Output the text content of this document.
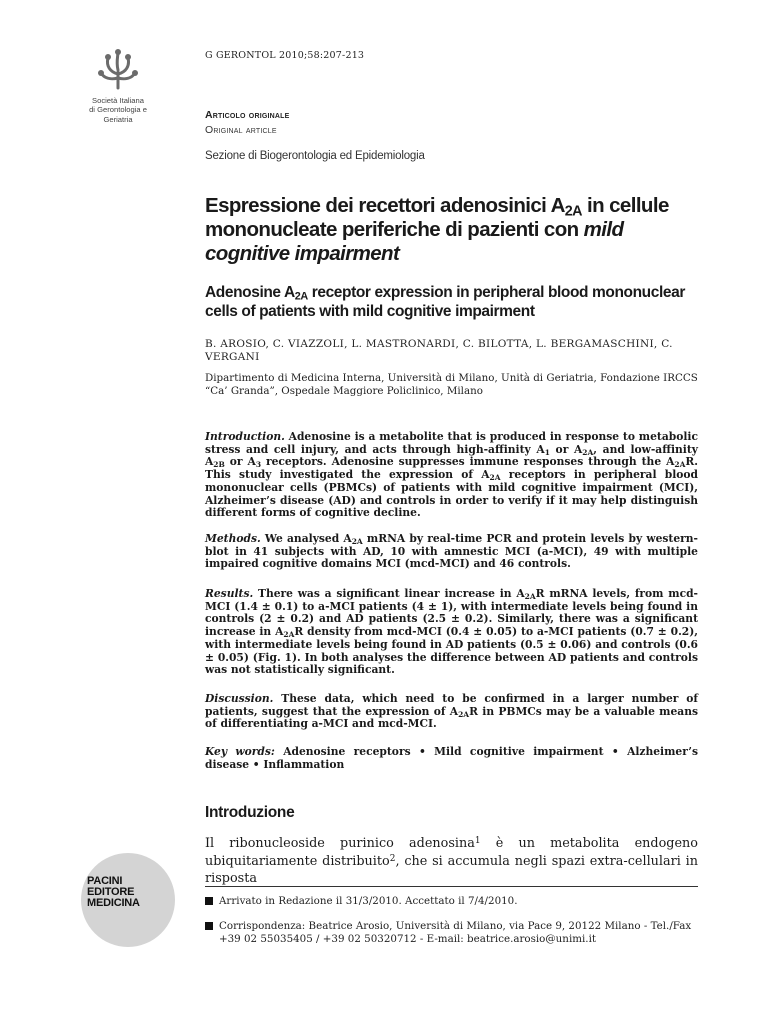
Società Italiana
di Gerontologia e
Geriatria
PACINI
EDITORE
MEDICINA
G GERONTOL 2010;58:207-213
Articolo originale
Original article
Sezione di Biogerontologia ed Epidemiologia
Espressione dei recettori adenosinici $A_{2A}$ in cellule mononucleate periferiche di pazienti con mild cognitive impairment
Adenosine $A_{2A}$ receptor expression in peripheral blood mononuclear cells of patients with mild cognitive impairment
B. AROSIO, C. VIAZZOLI, L. MASTRONARDI, C. BILOTTA, L. BERGAMASCHINI, C. VERGANI
Dipartimento di Medicina Interna, Università di Milano, Unità di Geriatria, Fondazione IRCCS “Ca’ Granda”, Ospedale Maggiore Policlinico, Milano
Introduction. Adenosine is a metabolite that is produced in response to metabolic stress and cell injury, and acts through high-affinity $A_1$ or $A_{2A}$, and low-affinity $A_{2B}$ or $A_3$ receptors. Adenosine suppresses immune responses through the $A_{2A}R$. This study investigated the expression of $A_{2A}$ receptors in peripheral blood mononuclear cells (PBMCs) of patients with mild cognitive impairment (MCI), Alzheimer’s disease (AD) and controls in order to verify if it may help distinguish different forms of cognitive decline.
Methods. We analysed $A_{2A}$ mRNA by real-time PCR and protein levels by western-blot in 41 subjects with AD, 10 with amnestic MCI (a-MCI), 49 with multiple impaired cognitive domains MCI (mcd-MCI) and 46 controls.
Results. There was a significant linear increase in $A_{2A}R$ mRNA levels, from mcd-MCI (1.4 ± 0.1) to a-MCI patients (4 ± 1), with intermediate levels being found in controls (2 ± 0.2) and AD patients (2.5 ± 0.2). Similarly, there was a significant increase in $A_{2A}R$ density from mcd-MCI (0.4 ± 0.05) to a-MCI patients (0.7 ± 0.2), with intermediate levels being found in AD patients (0.5 ± 0.06) and controls (0.6 ± 0.05) (Fig. 1). In both analyses the difference between AD patients and controls was not statistically significant.
Discussion. These data, which need to be confirmed in a larger number of patients, suggest that the expression of $A_{2A}R$ in PBMCs may be a valuable means of differentiating a-MCI and mcd-MCI.
Key words: Adenosine receptors • Mild cognitive impairment • Alzheimer’s disease • Inflammation
Introduzione
Il ribonucleoside purinico adenosina$^1$ è un metabolita endogeno ubiquitariamente distribuito$^2$, che si accumula negli spazi extra-cellulari in risposta
Arrivato in Redazione il 31/3/2010. Accettato il 7/4/2010.
Corrispondenza: Beatrice Arosio, Università di Milano, via Pace 9, 20122 Milano - Tel./Fax +39 02 55035405 / +39 02 50320712 - E-mail: beatrice.arosio@unimi.it
